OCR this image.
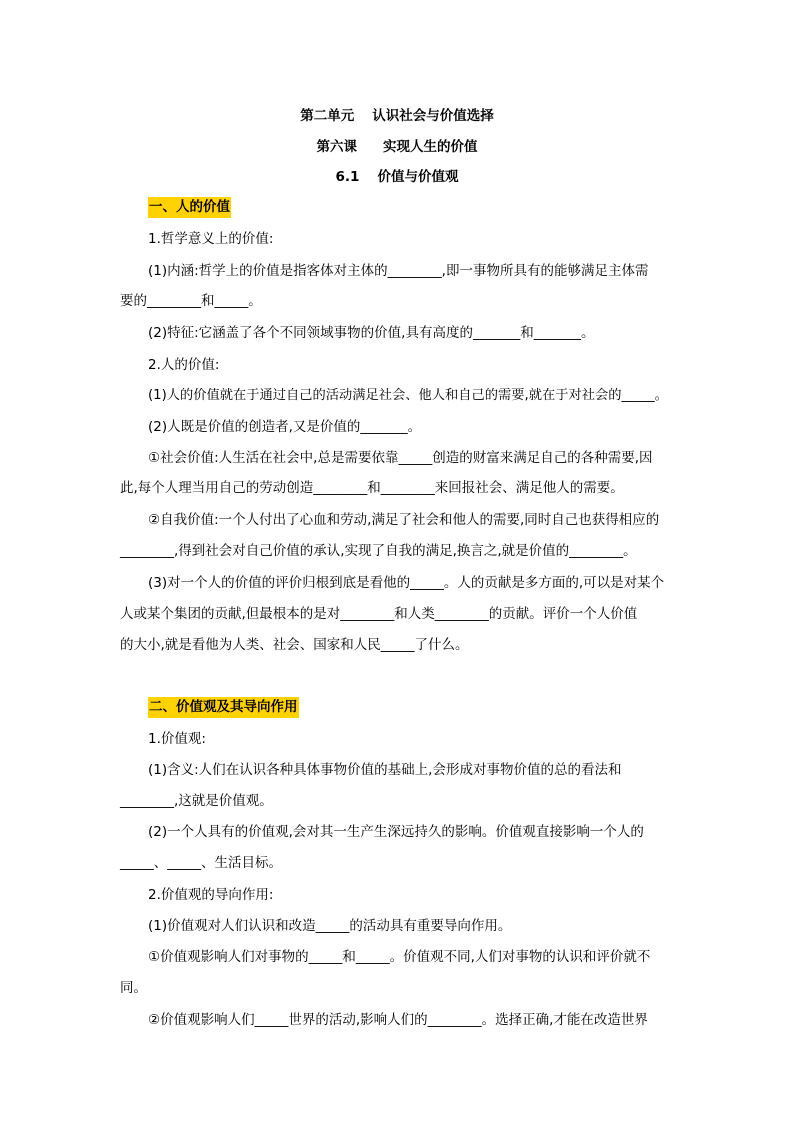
第二单元 认识社会与价值选择
第六课 实现人生的价值
6.1 价值与价值观
一、人的价值
1.哲学意义上的价值:
(1)内涵:哲学上的价值是指客体对主体的________,即一事物所具有的能够满足主体需
要的________和_____。
(2)特征:它涵盖了各个不同领域事物的价值,具有高度的_______和_______。
2.人的价值:
(1)人的价值就在于通过自己的活动满足社会、他人和自己的需要,就在于对社会的_____。
(2)人既是价值的创造者,又是价值的_______。
①社会价值:人生活在社会中,总是需要依靠_____创造的财富来满足自己的各种需要,因
此,每个人理当用自己的劳动创造________和________来回报社会、满足他人的需要。
②自我价值:一个人付出了心血和劳动,满足了社会和他人的需要,同时自己也获得相应的
________,得到社会对自己价值的承认,实现了自我的满足,换言之,就是价值的________。
(3)对一个人的价值的评价归根到底是看他的_____。人的贡献是多方面的,可以是对某个
人或某个集团的贡献,但最根本的是对________和人类________的贡献。评价一个人价值
的大小,就是看他为人类、社会、国家和人民_____了什么。
二、价值观及其导向作用
1.价值观:
(1)含义:人们在认识各种具体事物价值的基础上,会形成对事物价值的总的看法和
________,这就是价值观。
(2)一个人具有的价值观,会对其一生产生深远持久的影响。价值观直接影响一个人的
_____、_____、生活目标。
2.价值观的导向作用:
(1)价值观对人们认识和改造_____的活动具有重要导向作用。
①价值观影响人们对事物的_____和_____。价值观不同,人们对事物的认识和评价就不
同。
②价值观影响人们_____世界的活动,影响人们的________。选择正确,才能在改造世界
